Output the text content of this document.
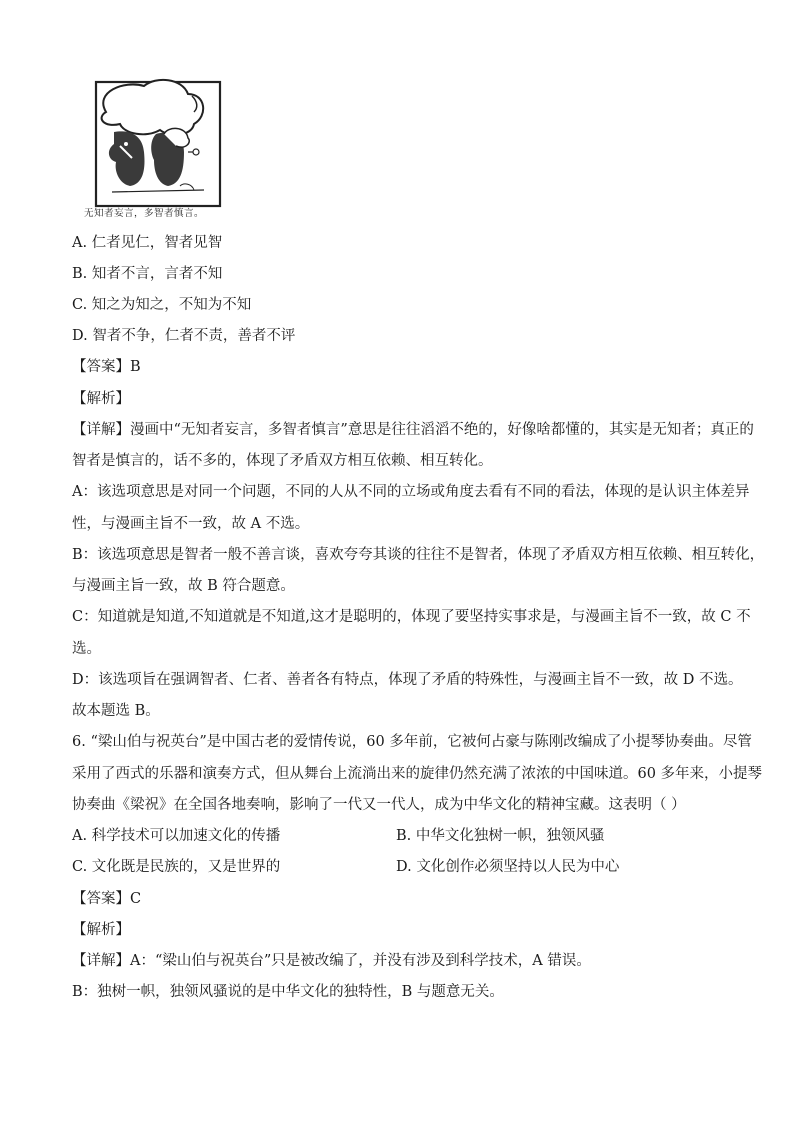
无知者妄言，多智者慎言。
A. 仁者见仁，智者见智
B. 知者不言，言者不知
C. 知之为知之，不知为不知
D. 智者不争，仁者不责，善者不评
【答案】B
【解析】
【详解】漫画中“无知者妄言，多智者慎言”意思是往往滔滔不绝的，好像啥都懂的，其实是无知者；真正的
智者是慎言的，话不多的，体现了矛盾双方相互依赖、相互转化。
A：该选项意思是对同一个问题，不同的人从不同的立场或角度去看有不同的看法，体现的是认识主体差异
性，与漫画主旨不一致，故 A 不选。
B：该选项意思是智者一般不善言谈，喜欢夸夸其谈的往往不是智者，体现了矛盾双方相互依赖、相互转化，
与漫画主旨一致，故 B 符合题意。
C：知道就是知道,不知道就是不知道,这才是聪明的，体现了要坚持实事求是，与漫画主旨不一致，故 C 不
选。
D：该选项旨在强调智者、仁者、善者各有特点，体现了矛盾的特殊性，与漫画主旨不一致，故 D 不选。
故本题选 B。
6. “梁山伯与祝英台”是中国古老的爱情传说，60 多年前，它被何占豪与陈刚改编成了小提琴协奏曲。尽管
采用了西式的乐器和演奏方式，但从舞台上流淌出来的旋律仍然充满了浓浓的中国味道。60 多年来，小提琴
协奏曲《梁祝》在全国各地奏响，影响了一代又一代人，成为中华文化的精神宝藏。这表明（ ）
A. 科学技术可以加速文化的传播	B. 中华文化独树一帜，独领风骚
C. 文化既是民族的，又是世界的	D. 文化创作必须坚持以人民为中心
【答案】C
【解析】
【详解】A：“梁山伯与祝英台”只是被改编了，并没有涉及到科学技术，A 错误。
B：独树一帜，独领风骚说的是中华文化的独特性，B 与题意无关。
